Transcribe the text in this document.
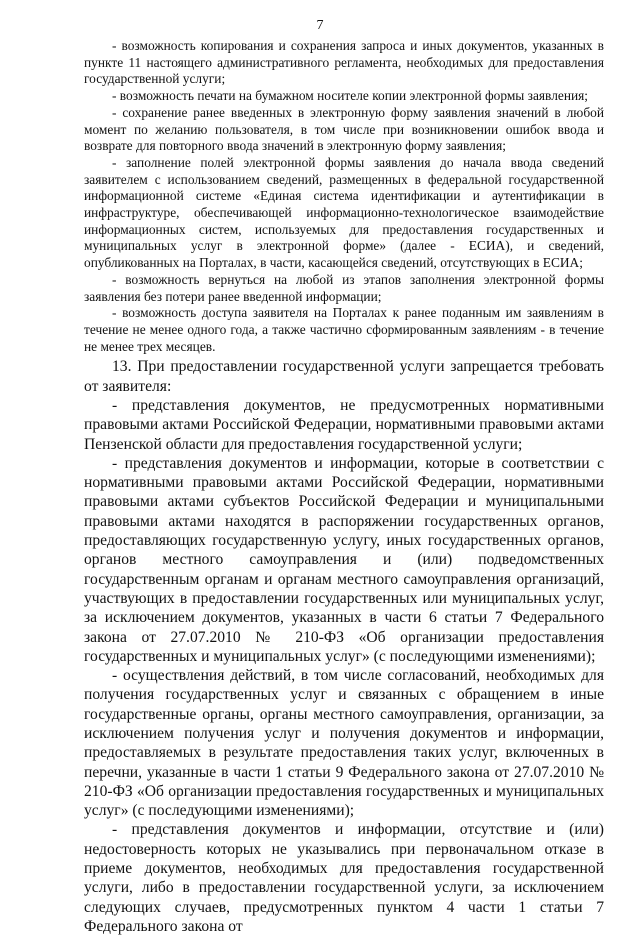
7

- возможность копирования и сохранения запроса и иных документов, указанных в пункте 11 настоящего административного регламента, необходимых для предоставления государственной услуги;

- возможность печати на бумажном носителе копии электронной формы заявления;

- сохранение ранее введенных в электронную форму заявления значений в любой момент по желанию пользователя, в том числе при возникновении ошибок ввода и возврате для повторного ввода значений в электронную форму заявления;

- заполнение полей электронной формы заявления до начала ввода сведений заявителем с использованием сведений, размещенных в федеральной государственной информационной системе «Единая система идентификации и аутентификации в инфраструктуре, обеспечивающей информационно-технологическое взаимодействие информационных систем, используемых для предоставления государственных и муниципальных услуг в электронной форме» (далее - ЕСИА), и сведений, опубликованных на Порталах, в части, касающейся сведений, отсутствующих в ЕСИА;

- возможность вернуться на любой из этапов заполнения электронной формы заявления без потери ранее введенной информации;

- возможность доступа заявителя на Порталах к ранее поданным им заявлениям в течение не менее одного года, а также частично сформированным заявлениям - в течение не менее трех месяцев.

13. При предоставлении государственной услуги запрещается требовать от заявителя:

- представления документов, не предусмотренных нормативными правовыми актами Российской Федерации, нормативными правовыми актами Пензенской области для предоставления государственной услуги;

- представления документов и информации, которые в соответствии с нормативными правовыми актами Российской Федерации, нормативными правовыми актами субъектов Российской Федерации и муниципальными правовыми актами находятся в распоряжении государственных органов, предоставляющих государственную услугу, иных государственных органов, органов местного самоуправления и (или) подведомственных государственным органам и органам местного самоуправления организаций, участвующих в предоставлении государственных или муниципальных услуг, за исключением документов, указанных в части 6 статьи 7 Федерального закона от 27.07.2010 № 210-ФЗ «Об организации предоставления государственных и муниципальных услуг» (с последующими изменениями);

- осуществления действий, в том числе согласований, необходимых для получения государственных услуг и связанных с обращением в иные государственные органы, органы местного самоуправления, организации, за исключением получения услуг и получения документов и информации, предоставляемых в результате предоставления таких услуг, включенных в перечни, указанные в части 1 статьи 9 Федерального закона от 27.07.2010 № 210-ФЗ «Об организации предоставления государственных и муниципальных услуг» (с последующими изменениями);

- представления документов и информации, отсутствие и (или) недостоверность которых не указывались при первоначальном отказе в приеме документов, необходимых для предоставления государственной услуги, либо в предоставлении государственной услуги, за исключением следующих случаев, предусмотренных пунктом 4 части 1 статьи 7 Федерального закона от
